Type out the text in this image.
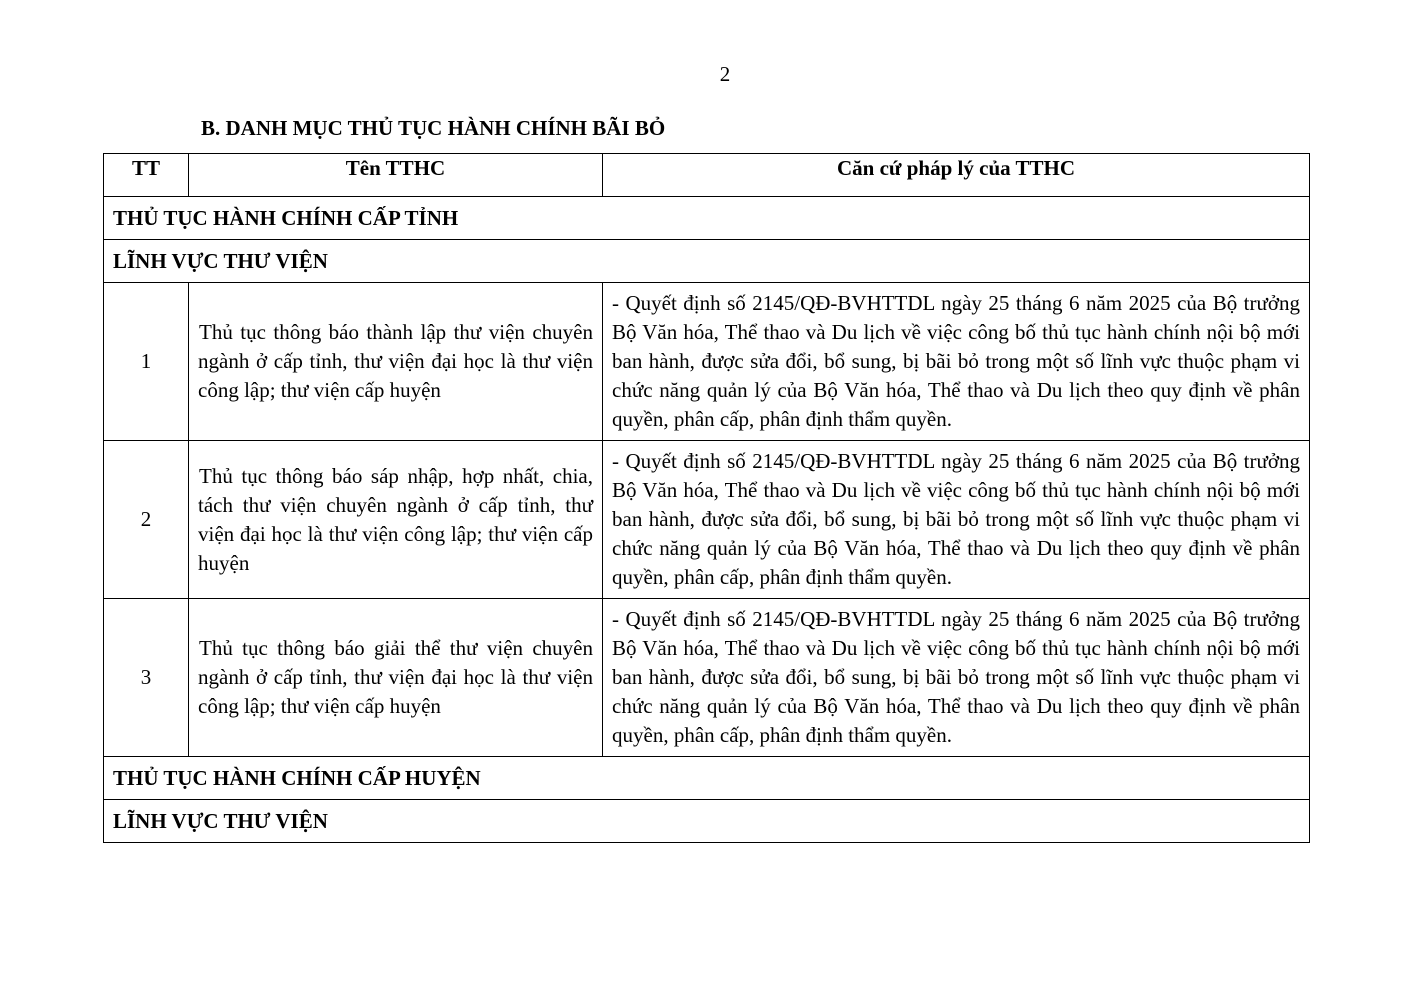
2
B. DANH MỤC THỦ TỤC HÀNH CHÍNH BÃI BỎ
TT	Tên TTHC	Căn cứ pháp lý của TTHC
THỦ TỤC HÀNH CHÍNH CẤP TỈNH		
LĨNH VỰC THƯ VIỆN		
1	Thủ tục thông báo thành lập thư viện chuyên ngành ở cấp tỉnh, thư viện đại học là thư viện công lập; thư viện cấp huyện	- Quyết định số 2145/QĐ-BVHTTDL ngày 25 tháng 6 năm 2025 của Bộ trưởng Bộ Văn hóa, Thể thao và Du lịch về việc công bố thủ tục hành chính nội bộ mới ban hành, được sửa đổi, bổ sung, bị bãi bỏ trong một số lĩnh vực thuộc phạm vi chức năng quản lý của Bộ Văn hóa, Thể thao và Du lịch theo quy định về phân quyền, phân cấp, phân định thẩm quyền.
2	Thủ tục thông báo sáp nhập, hợp nhất, chia, tách thư viện chuyên ngành ở cấp tỉnh, thư viện đại học là thư viện công lập; thư viện cấp huyện	- Quyết định số 2145/QĐ-BVHTTDL ngày 25 tháng 6 năm 2025 của Bộ trưởng Bộ Văn hóa, Thể thao và Du lịch về việc công bố thủ tục hành chính nội bộ mới ban hành, được sửa đổi, bổ sung, bị bãi bỏ trong một số lĩnh vực thuộc phạm vi chức năng quản lý của Bộ Văn hóa, Thể thao và Du lịch theo quy định về phân quyền, phân cấp, phân định thẩm quyền.
3	Thủ tục thông báo giải thể thư viện chuyên ngành ở cấp tỉnh, thư viện đại học là thư viện công lập; thư viện cấp huyện	- Quyết định số 2145/QĐ-BVHTTDL ngày 25 tháng 6 năm 2025 của Bộ trưởng Bộ Văn hóa, Thể thao và Du lịch về việc công bố thủ tục hành chính nội bộ mới ban hành, được sửa đổi, bổ sung, bị bãi bỏ trong một số lĩnh vực thuộc phạm vi chức năng quản lý của Bộ Văn hóa, Thể thao và Du lịch theo quy định về phân quyền, phân cấp, phân định thẩm quyền.
THỦ TỤC HÀNH CHÍNH CẤP HUYỆN		
LĨNH VỰC THƯ VIỆN		
